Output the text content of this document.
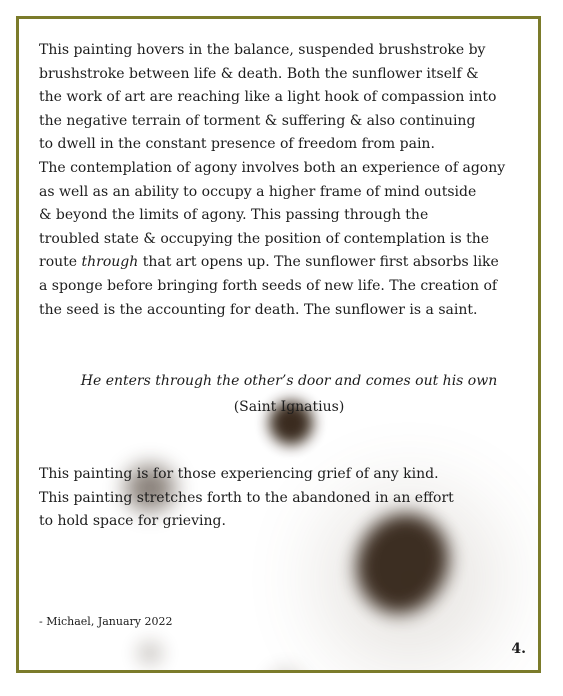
This painting hovers in the balance, suspended brushstroke by
brushstroke between life & death. Both the sunflower itself &
the work of art are reaching like a light hook of compassion into
the negative terrain of torment & suffering & also continuing
to dwell in the constant presence of freedom from pain.
The contemplation of agony involves both an experience of agony
as well as an ability to occupy a higher frame of mind outside
& beyond the limits of agony. This passing through the
troubled state & occupying the position of contemplation is the
route through that art opens up. The sunflower first absorbs like
a sponge before bringing forth seeds of new life. The creation of
the seed is the accounting for death. The sunflower is a saint.

He enters through the other’s door and comes out his own
(Saint Ignatius)

This painting is for those experiencing grief of any kind.
This painting stretches forth to the abandoned in an effort
to hold space for grieving.

- Michael, January 2022
4.
